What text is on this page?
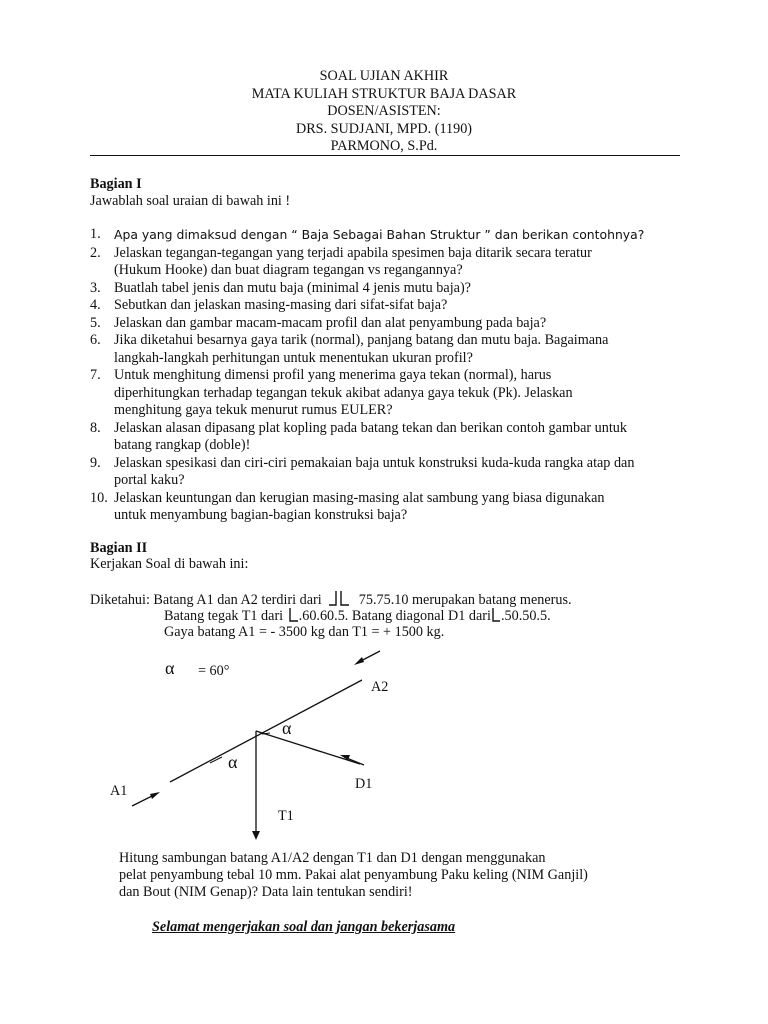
SOAL UJIAN AKHIR
MATA KULIAH STRUKTUR BAJA DASAR
DOSEN/ASISTEN:
DRS. SUDJANI, MPD. (1190)
PARMONO, S.Pd.
Bagian I
Jawablah soal uraian di bawah ini !
1. Apa yang dimaksud dengan “ Baja Sebagai Bahan Struktur ” dan berikan contohnya?
2. Jelaskan tegangan-tegangan yang terjadi apabila spesimen baja ditarik secara teratur
(Hukum Hooke) dan buat diagram tegangan vs regangannya?
3. Buatlah tabel jenis dan mutu baja (minimal 4 jenis mutu baja)?
4. Sebutkan dan jelaskan masing-masing dari sifat-sifat baja?
5. Jelaskan dan gambar macam-macam profil dan alat penyambung pada baja?
6. Jika diketahui besarnya gaya tarik (normal), panjang batang dan mutu baja. Bagaimana
langkah-langkah perhitungan untuk menentukan ukuran profil?
7. Untuk menghitung dimensi profil yang menerima gaya tekan (normal), harus
diperhitungkan terhadap tegangan tekuk akibat adanya gaya tekuk (Pk). Jelaskan
menghitung gaya tekuk menurut rumus EULER?
8. Jelaskan alasan dipasang plat kopling pada batang tekan dan berikan contoh gambar untuk
batang rangkap (doble)!
9. Jelaskan spesikasi dan ciri-ciri pemakaian baja untuk konstruksi kuda-kuda rangka atap dan
portal kaku?
10. Jelaskan keuntungan dan kerugian masing-masing alat sambung yang biasa digunakan
untuk menyambung bagian-bagian konstruksi baja?
Bagian II
Kerjakan Soal di bawah ini:
Diketahui: Batang A1 dan A2 terdiri dari	75.75.10 merupakan batang menerus.
Batang tegak T1 dari .60.60.5. Batang diagonal D1 dari .50.50.5.
Gaya batang A1 = - 3500 kg dan T1 = + 1500 kg.
α = 60°
α
α
A2
D1
A1
T1
Hitung sambungan batang A1/A2 dengan T1 dan D1 dengan menggunakan
pelat penyambung tebal 10 mm. Pakai alat penyambung Paku keling (NIM Ganjil)
dan Bout (NIM Genap)? Data lain tentukan sendiri!
Selamat mengerjakan soal dan jangan bekerjasama
